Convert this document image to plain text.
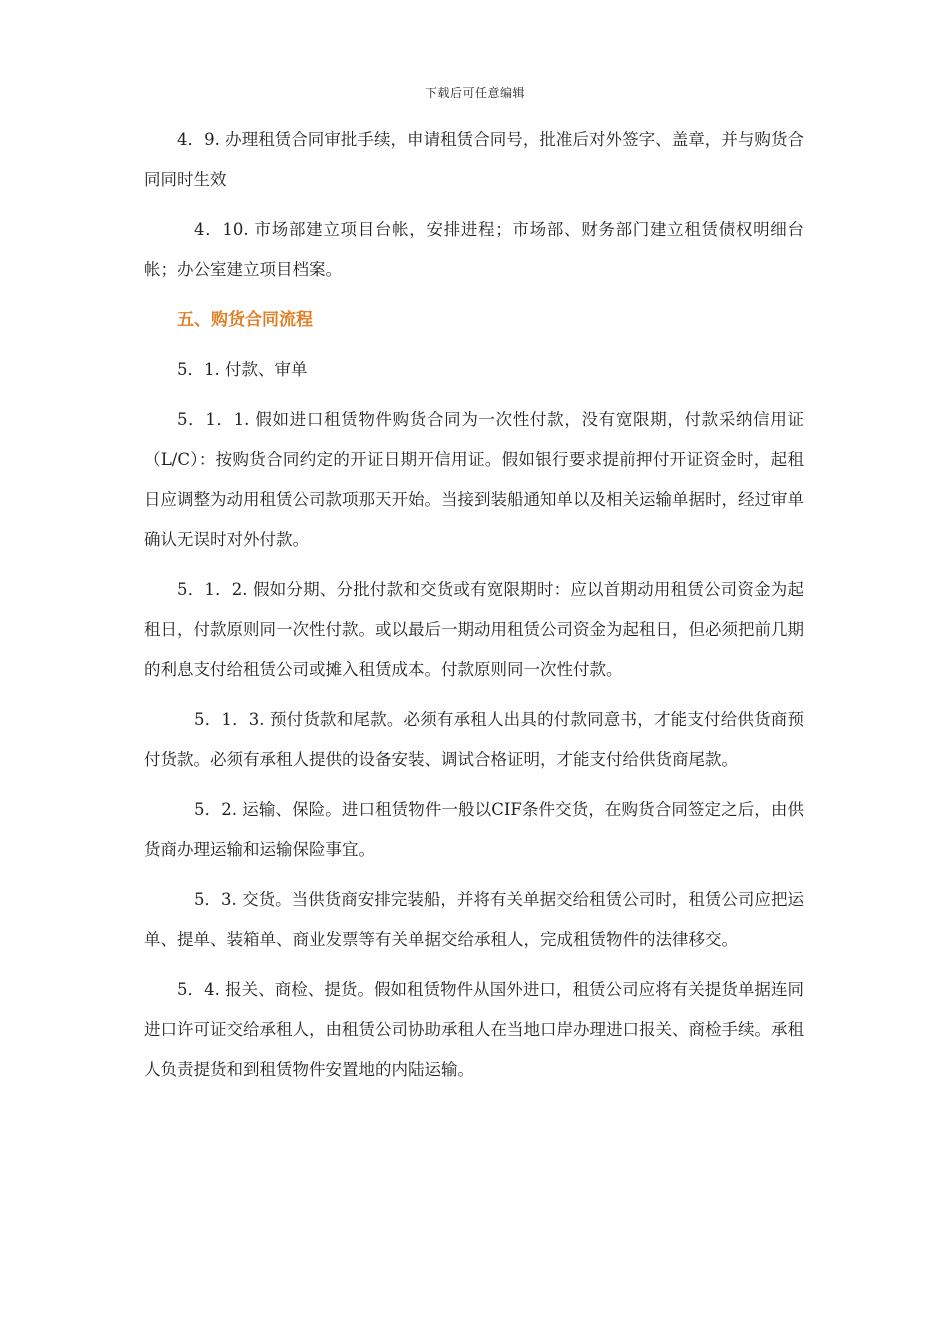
下载后可任意编辑

4．9. 办理租赁合同审批手续，申请租赁合同号，批准后对外签字、盖章，并与购货合同同时生效

4．10. 市场部建立项目台帐，安排进程；市场部、财务部门建立租赁债权明细台帐；办公室建立项目档案。

五、购货合同流程

5．1. 付款、审单

5．1．1. 假如进口租赁物件购货合同为一次性付款，没有宽限期，付款采纳信用证（L/C）：按购货合同约定的开证日期开信用证。假如银行要求提前押付开证资金时，起租日应调整为动用租赁公司款项那天开始。当接到装船通知单以及相关运输单据时，经过审单确认无误时对外付款。

5．1．2. 假如分期、分批付款和交货或有宽限期时：应以首期动用租赁公司资金为起租日，付款原则同一次性付款。或以最后一期动用租赁公司资金为起租日，但必须把前几期的利息支付给租赁公司或摊入租赁成本。付款原则同一次性付款。

5．1．3. 预付货款和尾款。必须有承租人出具的付款同意书，才能支付给供货商预付货款。必须有承租人提供的设备安装、调试合格证明，才能支付给供货商尾款。

5．2. 运输、保险。进口租赁物件一般以CIF条件交货，在购货合同签定之后，由供货商办理运输和运输保险事宜。

5．3. 交货。当供货商安排完装船，并将有关单据交给租赁公司时，租赁公司应把运单、提单、装箱单、商业发票等有关单据交给承租人，完成租赁物件的法律移交。

5．4. 报关、商检、提货。假如租赁物件从国外进口，租赁公司应将有关提货单据连同进口许可证交给承租人，由租赁公司协助承租人在当地口岸办理进口报关、商检手续。承租人负责提货和到租赁物件安置地的内陆运输。
